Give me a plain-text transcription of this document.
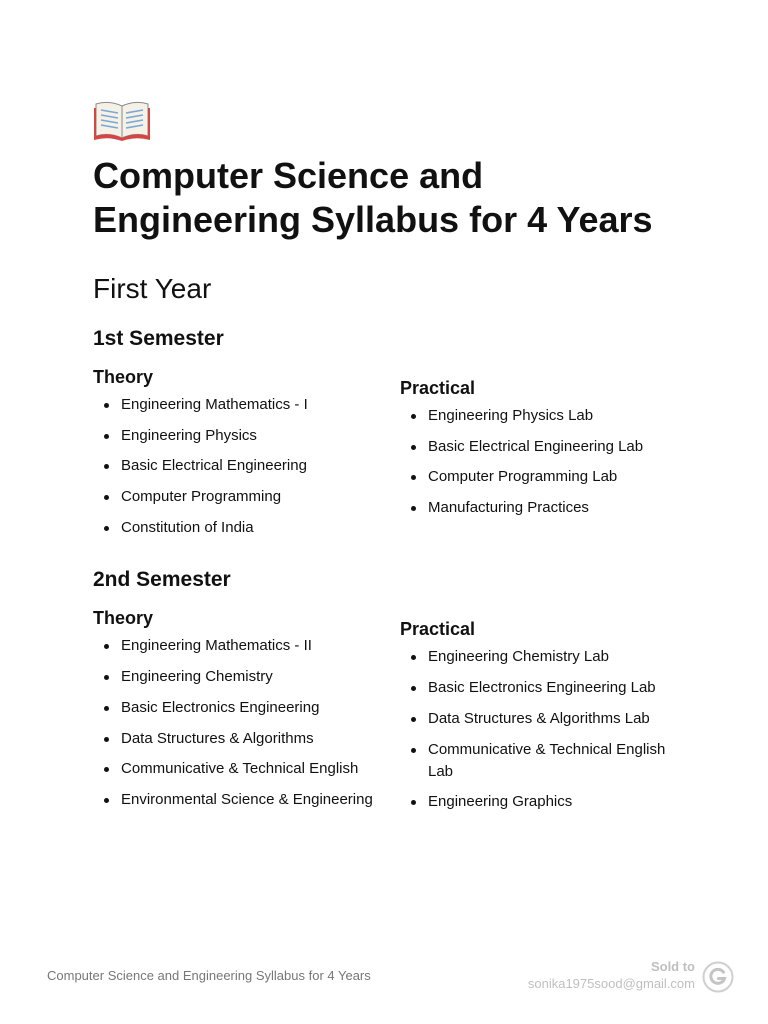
Computer Science and Engineering Syllabus for 4 Years
First Year
1st Semester
Theory
Engineering Mathematics - I
Engineering Physics
Basic Electrical Engineering
Computer Programming
Constitution of India
Practical
Engineering Physics Lab
Basic Electrical Engineering Lab
Computer Programming Lab
Manufacturing Practices
2nd Semester
Theory
Engineering Mathematics - II
Engineering Chemistry
Basic Electronics Engineering
Data Structures & Algorithms
Communicative & Technical English
Environmental Science & Engineering
Practical
Engineering Chemistry Lab
Basic Electronics Engineering Lab
Data Structures & Algorithms Lab
Communicative & Technical English Lab
Engineering Graphics
Computer Science and Engineering Syllabus for 4 Years
Sold to
sonika1975sood@gmail.com
